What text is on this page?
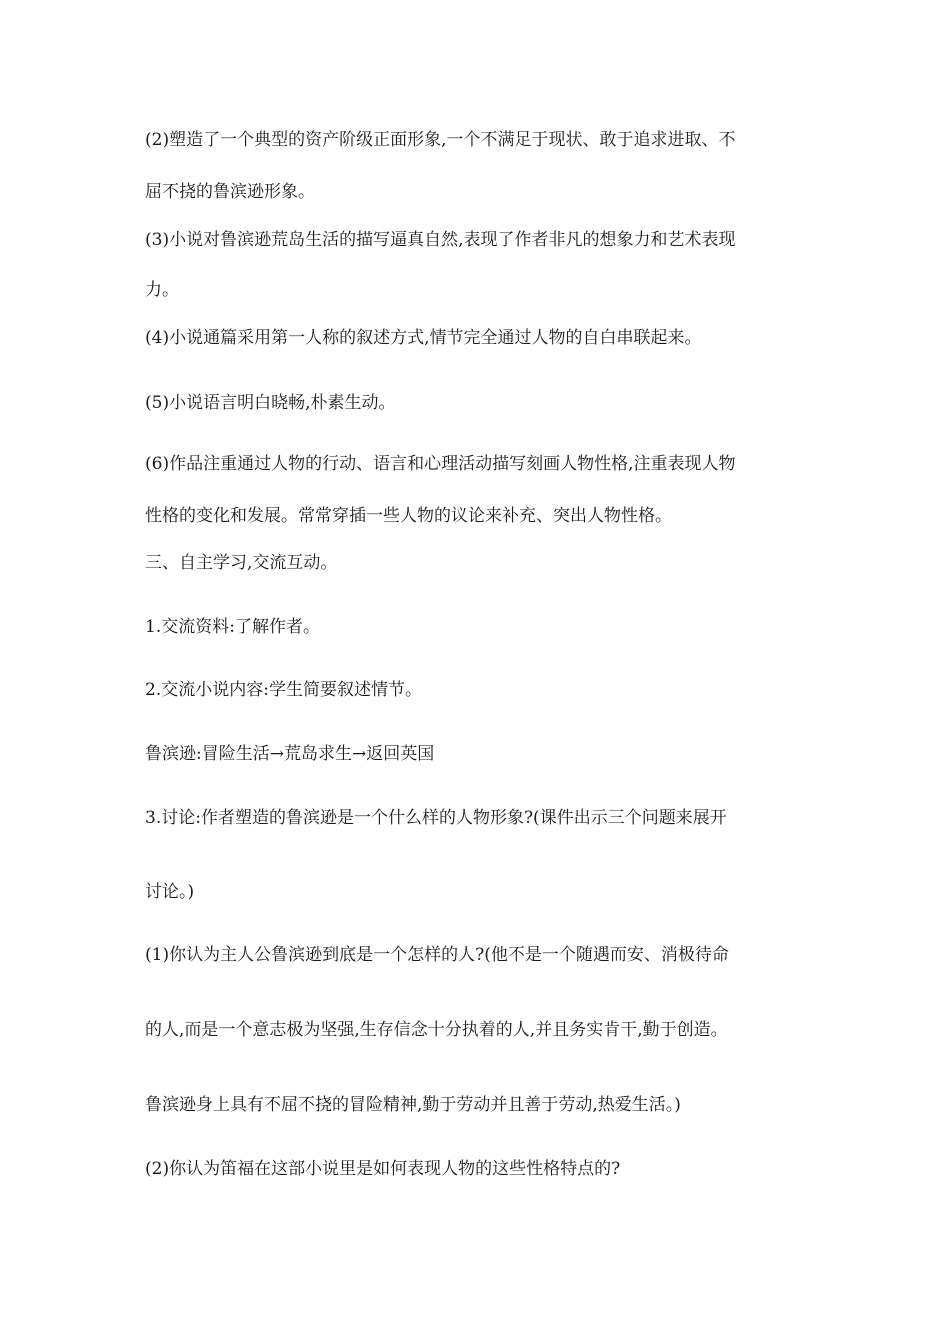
(2)塑造了一个典型的资产阶级正面形象,一个不满足于现状、敢于追求进取、不
屈不挠的鲁滨逊形象。
(3)小说对鲁滨逊荒岛生活的描写逼真自然,表现了作者非凡的想象力和艺术表现
力。
(4)小说通篇采用第一人称的叙述方式,情节完全通过人物的自白串联起来。
(5)小说语言明白晓畅,朴素生动。
(6)作品注重通过人物的行动、语言和心理活动描写刻画人物性格,注重表现人物
性格的变化和发展。常常穿插一些人物的议论来补充、突出人物性格。
三、自主学习,交流互动。
1.交流资料:了解作者。
2.交流小说内容:学生简要叙述情节。
鲁滨逊:冒险生活→荒岛求生→返回英国
3.讨论:作者塑造的鲁滨逊是一个什么样的人物形象?(课件出示三个问题来展开
讨论。)
(1)你认为主人公鲁滨逊到底是一个怎样的人?(他不是一个随遇而安、消极待命
的人,而是一个意志极为坚强,生存信念十分执着的人,并且务实肯干,勤于创造。
鲁滨逊身上具有不屈不挠的冒险精神,勤于劳动并且善于劳动,热爱生活。)
(2)你认为笛福在这部小说里是如何表现人物的这些性格特点的?
